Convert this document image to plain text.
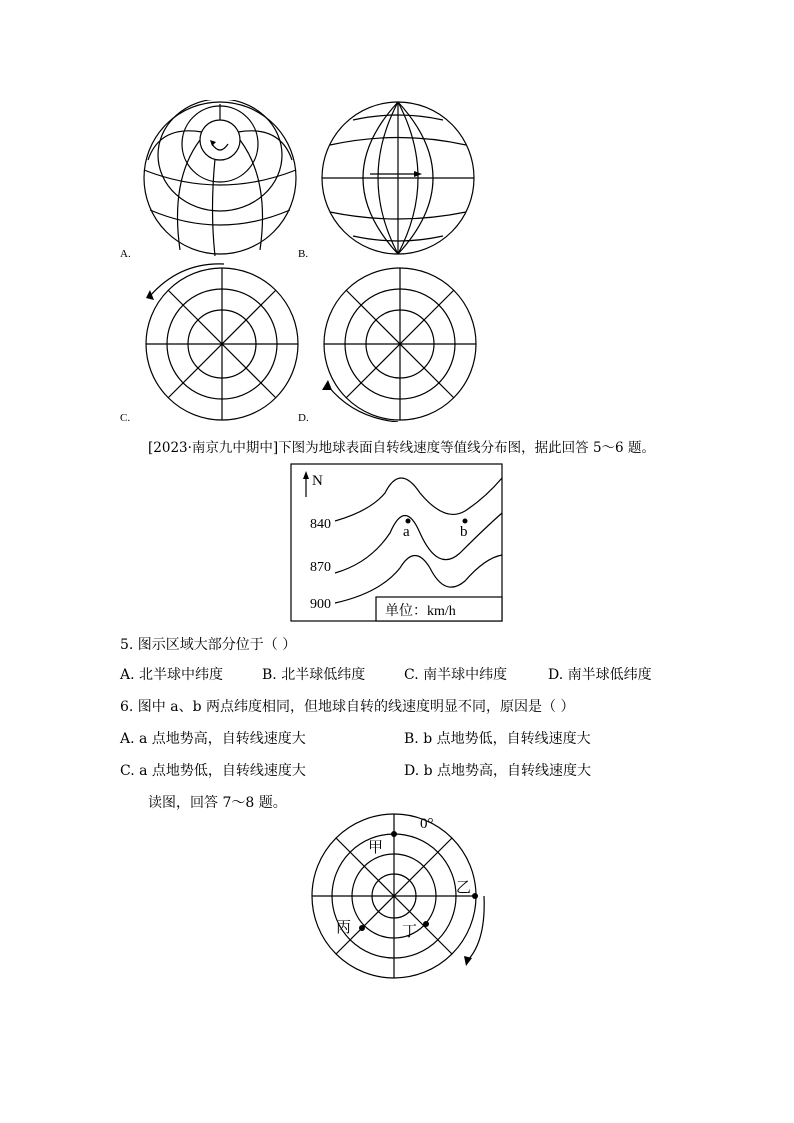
A.	B.
C.	D.
[2023·南京九中期中]下图为地球表面自转线速度等值线分布图，据此回答 5～6 题。
N
840
870
900
a	b
单位：km/h
5. 图示区域大部分位于（ ）
A. 北半球中纬度	B. 北半球低纬度	C. 南半球中纬度	D. 南半球低纬度
6. 图中 a、b 两点纬度相同，但地球自转的线速度明显不同，原因是（ ）
A. a 点地势高，自转线速度大	B. b 点地势低，自转线速度大
C. a 点地势低，自转线速度大	D. b 点地势高，自转线速度大
读图，回答 7～8 题。
0°
甲
乙
丙	丁
